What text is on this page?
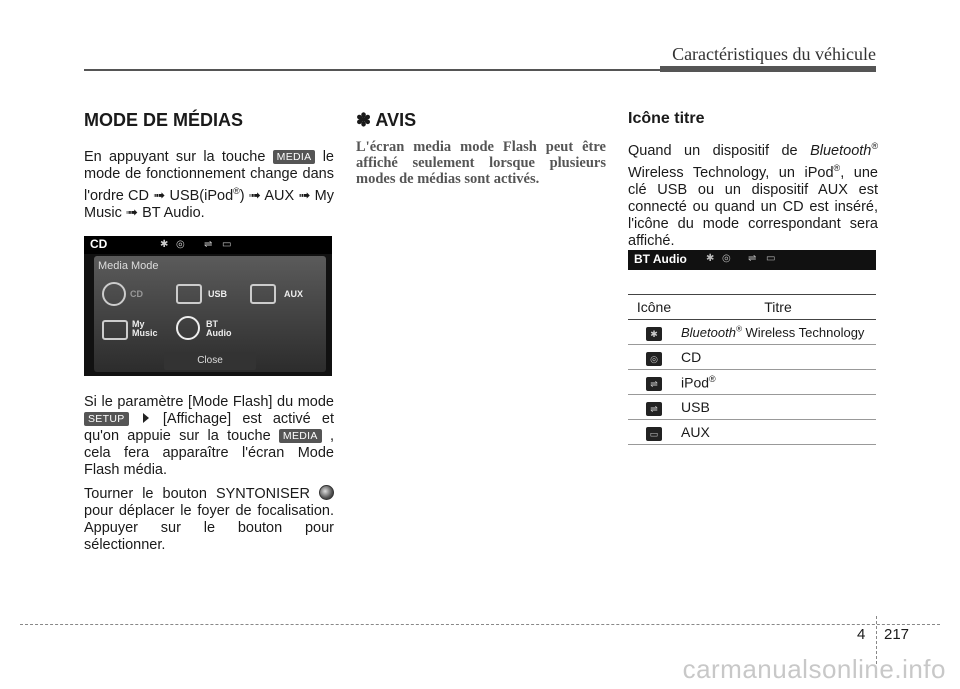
Caractéristiques du véhicule
MODE DE MÉDIAS

En appuyant sur la touche MEDIA le mode de fonctionnement change dans l'ordre CD ➟ USB(iPod®) ➟ AUX ➟ My Music ➟ BT Audio.

CD	✱ ◎ ⇌ ▭
Media Mode
CD	USB	AUX
My Music
BT Audio
Close

Si le paramètre [Mode Flash] du mode SETUP	[Affichage] est activé et qu'on appuie sur la touche MEDIA , cela fera apparaître l'écran Mode Flash média.

Tourner le bouton SYNTONISER  pour déplacer le foyer de focalisation. Appuyer sur le bouton pour sélectionner.

✽ AVIS

L'écran media mode Flash peut être affiché seulement lorsque plusieurs modes de médias sont activés.

Icône titre

Quand un dispositif de Bluetooth® Wireless Technology, un iPod®, une clé USB ou un dispositif AUX est connecté ou quand un CD est inséré, l'icône du mode correspondant sera affiché.

BT Audio ✱ ◎ ⇌ ▭
Icône	Titre
✱	Bluetooth® Wireless Technology
◎	CD
⇌	iPod®
⇌	USB
▭	AUX
4 217
carmanualsonline.info
